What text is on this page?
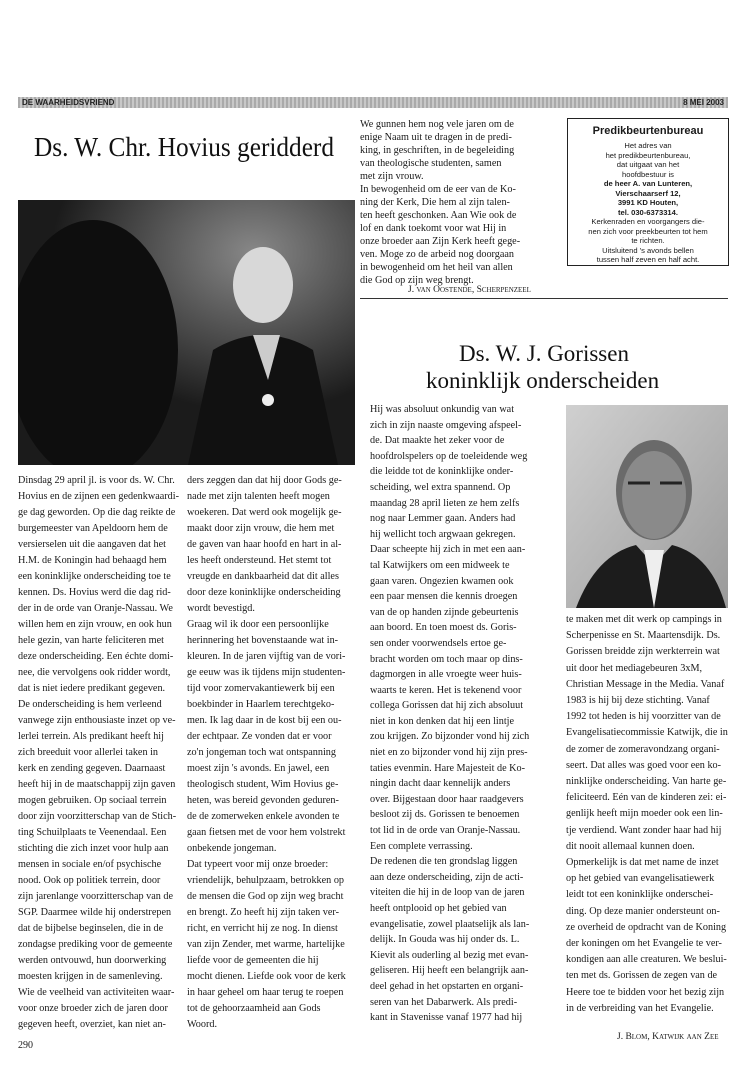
DE WAARHEIDSVRIEND	8 MEI 2003
Ds. W. Chr. Hovius geridderd
Dinsdag 29 april jl. is voor ds. W. Chr.
Hovius en de zijnen een gedenkwaardi-
ge dag geworden. Op die dag reikte de
burgemeester van Apeldoorn hem de
versierselen uit die aangaven dat het
H.M. de Koningin had behaagd hem
een koninklijke onderscheiding toe te
kennen. Ds. Hovius werd die dag rid-
der in de orde van Oranje-Nassau. We
willen hem en zijn vrouw, en ook hun
hele gezin, van harte feliciteren met
deze onderscheiding. Een échte domi-
nee, die vervolgens ook ridder wordt,
dat is niet iedere predikant gegeven.
De onderscheiding is hem verleend
vanwege zijn enthousiaste inzet op ve-
lerlei terrein. Als predikant heeft hij
zich breeduit voor allerlei taken in
kerk en zending gegeven. Daarnaast
heeft hij in de maatschappij zijn gaven
mogen gebruiken. Op sociaal terrein
door zijn voorzitterschap van de Stich-
ting Schuilplaats te Veenendaal. Een
stichting die zich inzet voor hulp aan
mensen in sociale en/of psychische
nood. Ook op politiek terrein, door
zijn jarenlange voorzitterschap van de
SGP. Daarmee wilde hij onderstrepen
dat de bijbelse beginselen, die in de
zondagse prediking voor de gemeente
werden ontvouwd, hun doorwerking
moesten krijgen in de samenleving.
Wie de veelheid van activiteiten waar-
voor onze broeder zich de jaren door
gegeven heeft, overziet, kan niet an-
ders zeggen dan dat hij door Gods ge-
nade met zijn talenten heeft mogen
woekeren. Dat werd ook mogelijk ge-
maakt door zijn vrouw, die hem met
de gaven van haar hoofd en hart in al-
les heeft ondersteund. Het stemt tot
vreugde en dankbaarheid dat dit alles
door deze koninklijke onderscheiding
wordt bevestigd.
Graag wil ik door een persoonlijke
herinnering het bovenstaande wat in-
kleuren. In de jaren vijftig van de vori-
ge eeuw was ik tijdens mijn studenten-
tijd voor zomervakantiewerk bij een
boekbinder in Haarlem terechtgeko-
men. Ik lag daar in de kost bij een ou-
der echtpaar. Ze vonden dat er voor
zo'n jongeman toch wat ontspanning
moest zijn 's avonds. En jawel, een
theologisch student, Wim Hovius ge-
heten, was bereid gevonden geduren-
de de zomerweken enkele avonden te
gaan fietsen met de voor hem volstrekt
onbekende jongeman.
Dat typeert voor mij onze broeder:
vriendelijk, behulpzaam, betrokken op
de mensen die God op zijn weg bracht
en brengt. Zo heeft hij zijn taken ver-
richt, en verricht hij ze nog. In dienst
van zijn Zender, met warme, hartelijke
liefde voor de gemeenten die hij
mocht dienen. Liefde ook voor de kerk
in haar geheel om haar terug te roepen
tot de gehoorzaamheid aan Gods
Woord.
We gunnen hem nog vele jaren om de
enige Naam uit te dragen in de predi-
king, in geschriften, in de begeleiding
van theologische studenten, samen
met zijn vrouw.
In bewogenheid om de eer van de Ko-
ning der Kerk, Die hem al zijn talen-
ten heeft geschonken. Aan Wie ook de
lof en dank toekomt voor wat Hij in
onze broeder aan Zijn Kerk heeft gege-
ven. Moge zo de arbeid nog doorgaan
in bewogenheid om het heil van allen
die God op zijn weg brengt.
J. van Oostende, Scherpenzeel
Predikbeurtenbureau
Het adres van
het predikbeurtenbureau,
dat uitgaat van het
hoofdbestuur is
de heer A. van Lunteren,
Vierschaarserf 12,
3991 KD Houten,
tel. 030-6373314.
Kerkenraden en voorgangers die-
nen zich voor preekbeurten tot hem
te richten.
Uitsluitend 's avonds bellen
tussen half zeven en half acht.
Ds. W. J. Gorissen
koninklijk onderscheiden
Hij was absoluut onkundig van wat
zich in zijn naaste omgeving afspeel-
de. Dat maakte het zeker voor de
hoofdrolspelers op de toeleidende weg
die leidde tot de koninklijke onder-
scheiding, wel extra spannend. Op
maandag 28 april lieten ze hem zelfs
nog naar Lemmer gaan. Anders had
hij wellicht toch argwaan gekregen.
Daar scheepte hij zich in met een aan-
tal Katwijkers om een midweek te
gaan varen. Ongezien kwamen ook
een paar mensen die kennis droegen
van de op handen zijnde gebeurtenis
aan boord. En toen moest ds. Goris-
sen onder voorwendsels ertoe ge-
bracht worden om toch maar op dins-
dagmorgen in alle vroegte weer huis-
waarts te keren. Het is tekenend voor
collega Gorissen dat hij zich absoluut
niet in kon denken dat hij een lintje
zou krijgen. Zo bijzonder vond hij zich
niet en zo bijzonder vond hij zijn pres-
taties evenmin. Hare Majesteit de Ko-
ningin dacht daar kennelijk anders
over. Bijgestaan door haar raadgevers
besloot zij ds. Gorissen te benoemen
tot lid in de orde van Oranje-Nassau.
Een complete verrassing.
De redenen die ten grondslag liggen
aan deze onderscheiding, zijn de acti-
viteiten die hij in de loop van de jaren
heeft ontplooid op het gebied van
evangelisatie, zowel plaatselijk als lan-
delijk. In Gouda was hij onder ds. L.
Kievit als ouderling al bezig met evan-
geliseren. Hij heeft een belangrijk aan-
deel gehad in het opstarten en organi-
seren van het Dabarwerk. Als predi-
kant in Stavenisse vanaf 1977 had hij
te maken met dit werk op campings in
Scherpenisse en St. Maartensdijk. Ds.
Gorissen breidde zijn werkterrein wat
uit door het mediagebeuren 3xM,
Christian Message in the Media. Vanaf
1983 is hij bij deze stichting. Vanaf
1992 tot heden is hij voorzitter van de
Evangelisatiecommissie Katwijk, die in
de zomer de zomeravondzang organi-
seert. Dat alles was goed voor een ko-
ninklijke onderscheiding. Van harte ge-
feliciteerd. Eén van de kinderen zei: ei-
genlijk heeft mijn moeder ook een lin-
tje verdiend. Want zonder haar had hij
dit nooit allemaal kunnen doen.
Opmerkelijk is dat met name de inzet
op het gebied van evangelisatiewerk
leidt tot een koninklijke onderschei-
ding. Op deze manier ondersteunt on-
ze overheid de opdracht van de Koning
der koningen om het Evangelie te ver-
kondigen aan alle creaturen. We beslui-
ten met ds. Gorissen de zegen van de
Heere toe te bidden voor het bezig zijn
in de verbreiding van het Evangelie.
J. Blom, Katwijk aan Zee
290
